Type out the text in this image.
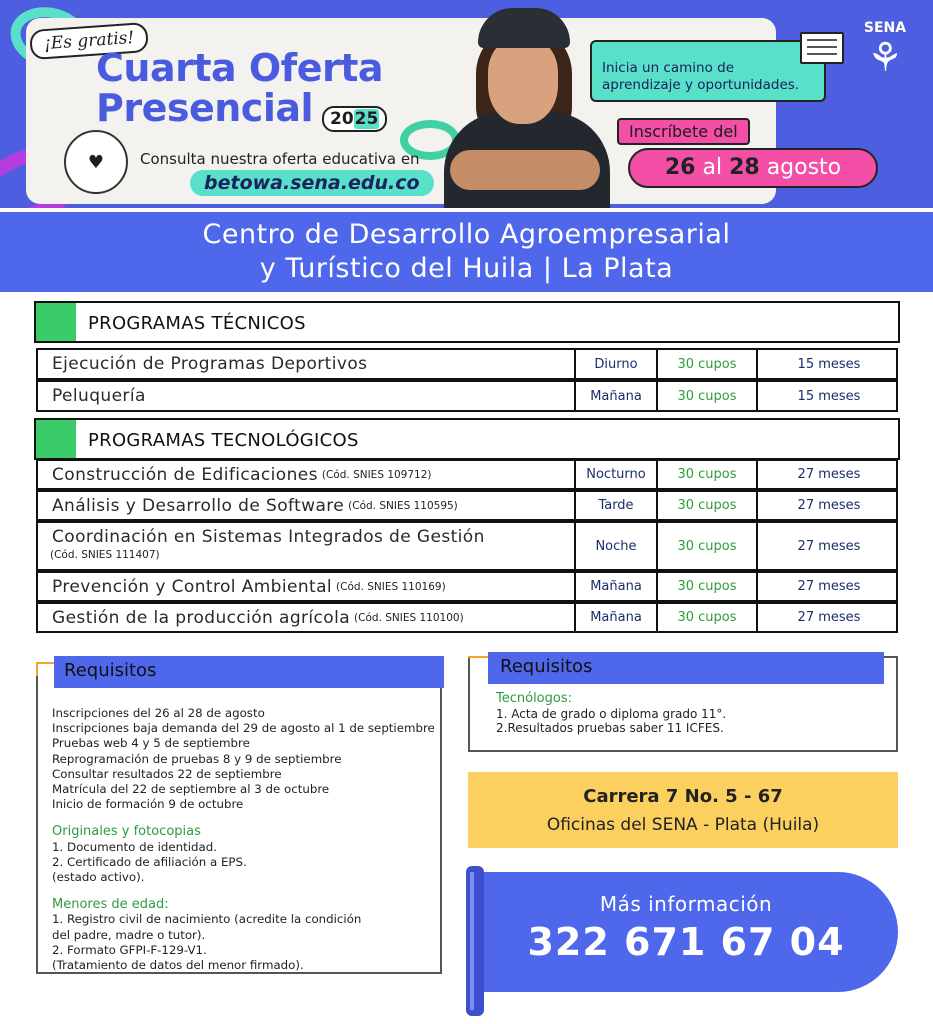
¡Es gratis!
Cuarta Oferta
Presencial 2025
♥	Consulta nuestra oferta educativa en
betowa.sena.edu.co
Inicia un camino de aprendizaje y oportunidades.
Inscríbete del
26 al 28 agosto
SENA
⚘
Centro de Desarrollo Agroempresarial
y Turístico del Huila | La Plata
PROGRAMAS TÉCNICOS
Ejecución de Programas Deportivos	Diurno	30 cupos	15 meses
Peluquería	Mañana	30 cupos	15 meses
PROGRAMAS TECNOLÓGICOS
Construcción de Edificaciones (Cód. SNIES 109712)	Nocturno	30 cupos	27 meses
Análisis y Desarrollo de Software (Cód. SNIES 110595)	Tarde	30 cupos	27 meses
Coordinación en Sistemas Integrados de Gestión
(Cód. SNIES 111407)
Noche	30 cupos	27 meses
Prevención y Control Ambiental (Cód. SNIES 110169)	Mañana	30 cupos	27 meses
Gestión de la producción agrícola (Cód. SNIES 110100)	Mañana	30 cupos	27 meses
Requisitos
Inscripciones del 26 al 28 de agosto
Inscripciones baja demanda del 29 de agosto al 1 de septiembre
Pruebas web 4 y 5 de septiembre
Reprogramación de pruebas 8 y 9 de septiembre
Consultar resultados 22 de septiembre
Matrícula del 22 de septiembre al 3 de octubre
Inicio de formación 9 de octubre
Originales y fotocopias
1. Documento de identidad.
2. Certificado de afiliación a EPS.
(estado activo).
Menores de edad:
1. Registro civil de nacimiento (acredite la condición
del padre, madre o tutor).
2. Formato GFPI-F-129-V1.
(Tratamiento de datos del menor firmado).
Requisitos
Tecnólogos:
1. Acta de grado o diploma grado 11°.
2.Resultados pruebas saber 11 ICFES.
Carrera 7 No. 5 - 67
Oficinas del SENA - Plata (Huila)
Más información
322 671 67 04
